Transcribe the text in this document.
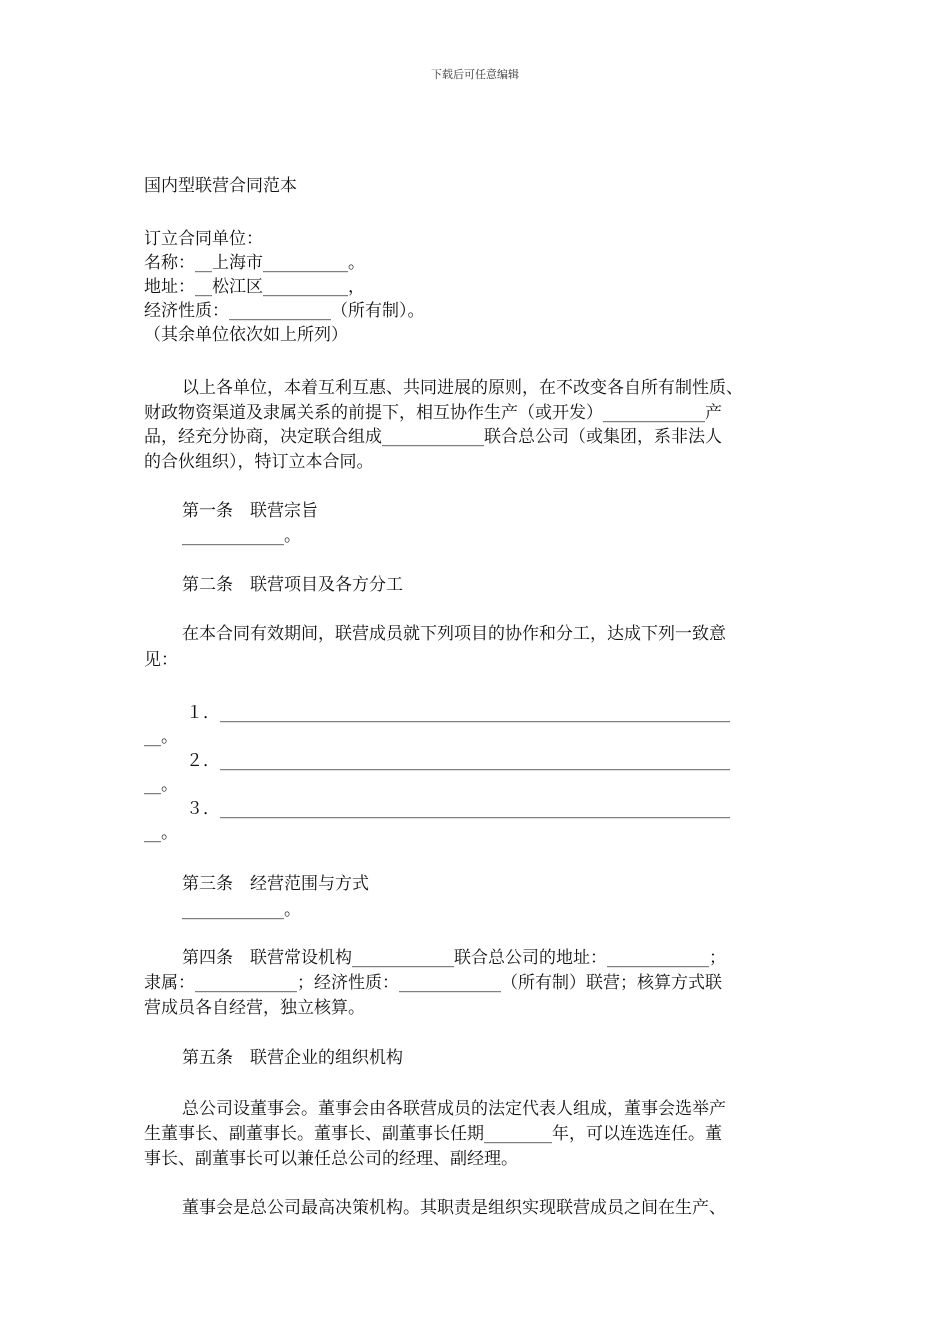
下载后可任意编辑
国内型联营合同范本
订立合同单位：
名称：__上海市__________。
地址：__松江区__________，
经济性质：____________（所有制）。
（其余单位依次如上所列）
以上各单位，本着互利互惠、共同进展的原则，在不改变各自所有制性质、
财政物资渠道及隶属关系的前提下，相互协作生产（或开发）____________产
品，经充分协商，决定联合组成____________联合总公司（或集团，系非法人
的合伙组织），特订立本合同。
第一条　联营宗旨
____________。
第二条　联营项目及各方分工
在本合同有效期间，联营成员就下列项目的协作和分工，达成下列一致意
见：
１．____________________________________________________________
__。
２．____________________________________________________________
__。
３．____________________________________________________________
__。
第三条　经营范围与方式
____________。
第四条　联营常设机构____________联合总公司的地址：____________；
隶属：____________；经济性质：____________（所有制）联营；核算方式联
营成员各自经营，独立核算。
第五条　联营企业的组织机构
总公司设董事会。董事会由各联营成员的法定代表人组成，董事会选举产
生董事长、副董事长。董事长、副董事长任期________年，可以连选连任。董
事长、副董事长可以兼任总公司的经理、副经理。
董事会是总公司最高决策机构。其职责是组织实现联营成员之间在生产、
